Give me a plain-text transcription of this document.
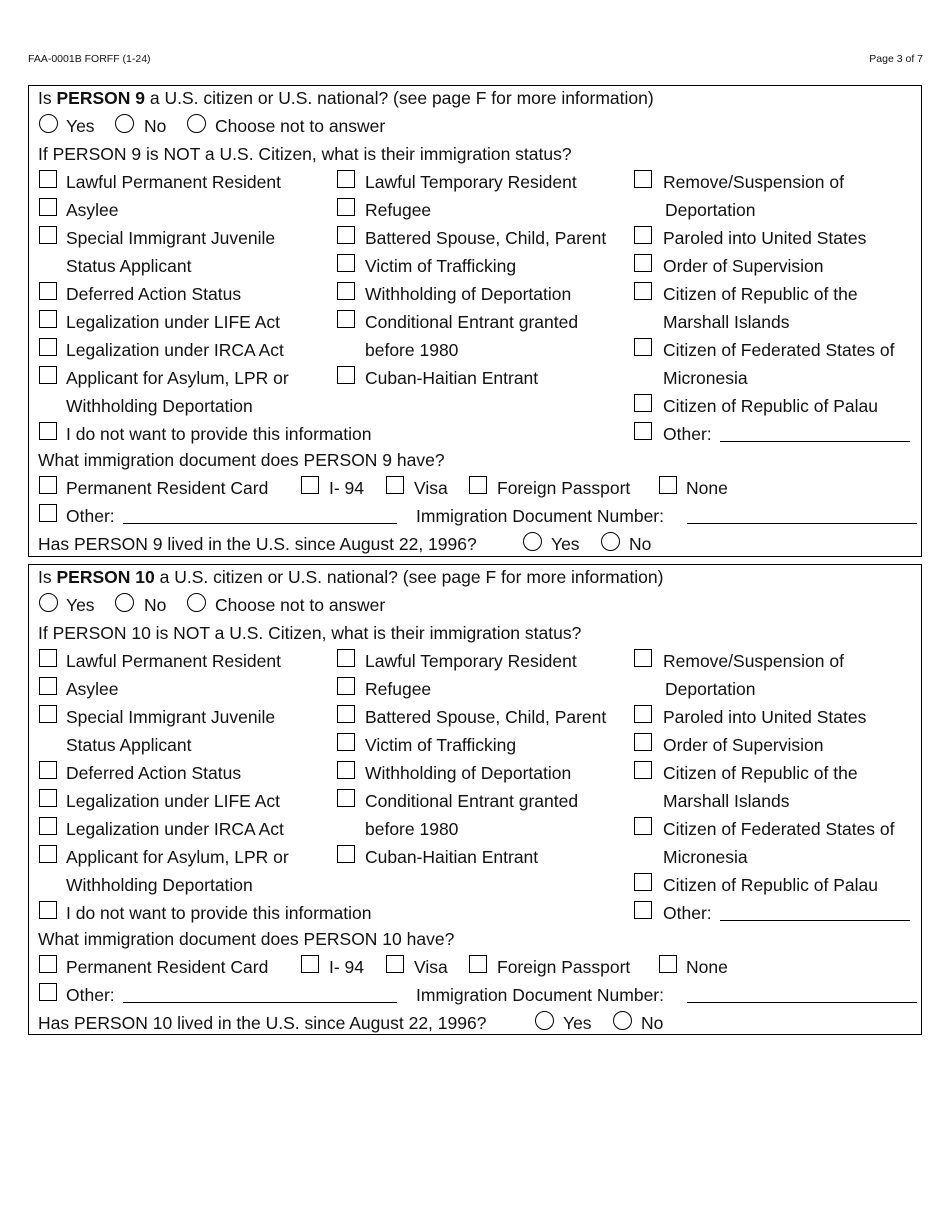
FAA-0001B FORFF (1-24)	Page 3 of 7
Is PERSON 9 a U.S. citizen or U.S. national? (see page F for more information)
Yes	No	Choose not to answer
If PERSON 9 is NOT a U.S. Citizen, what is their immigration status?
Lawful Permanent Resident
Asylee
Special Immigrant Juvenile
Status Applicant
Deferred Action Status
Legalization under LIFE Act
Legalization under IRCA Act
Applicant for Asylum, LPR or
Withholding Deportation
I do not want to provide this information
Lawful Temporary Resident
Refugee
Battered Spouse, Child, Parent
Victim of Trafficking
Withholding of Deportation
Conditional Entrant granted
before 1980
Cuban-Haitian Entrant
Remove/Suspension of
Deportation
Paroled into United States
Order of Supervision
Citizen of Republic of the
Marshall Islands
Citizen of Federated States of
Micronesia
Citizen of Republic of Palau
Other:
What immigration document does PERSON 9 have?
Permanent Resident Card	I- 94	Visa	Foreign Passport	None
Other:	Immigration Document Number:
Has PERSON 9 lived in the U.S. since August 22, 1996?	Yes	No
Is PERSON 10 a U.S. citizen or U.S. national? (see page F for more information)
Yes	No	Choose not to answer
If PERSON 10 is NOT a U.S. Citizen, what is their immigration status?
Lawful Permanent Resident
Asylee
Special Immigrant Juvenile
Status Applicant
Deferred Action Status
Legalization under LIFE Act
Legalization under IRCA Act
Applicant for Asylum, LPR or
Withholding Deportation
I do not want to provide this information
Lawful Temporary Resident
Refugee
Battered Spouse, Child, Parent
Victim of Trafficking
Withholding of Deportation
Conditional Entrant granted
before 1980
Cuban-Haitian Entrant
Remove/Suspension of
Deportation
Paroled into United States
Order of Supervision
Citizen of Republic of the
Marshall Islands
Citizen of Federated States of
Micronesia
Citizen of Republic of Palau
Other:
What immigration document does PERSON 10 have?
Permanent Resident Card	I- 94	Visa	Foreign Passport	None
Other:	Immigration Document Number:
Has PERSON 10 lived in the U.S. since August 22, 1996?	Yes	No
